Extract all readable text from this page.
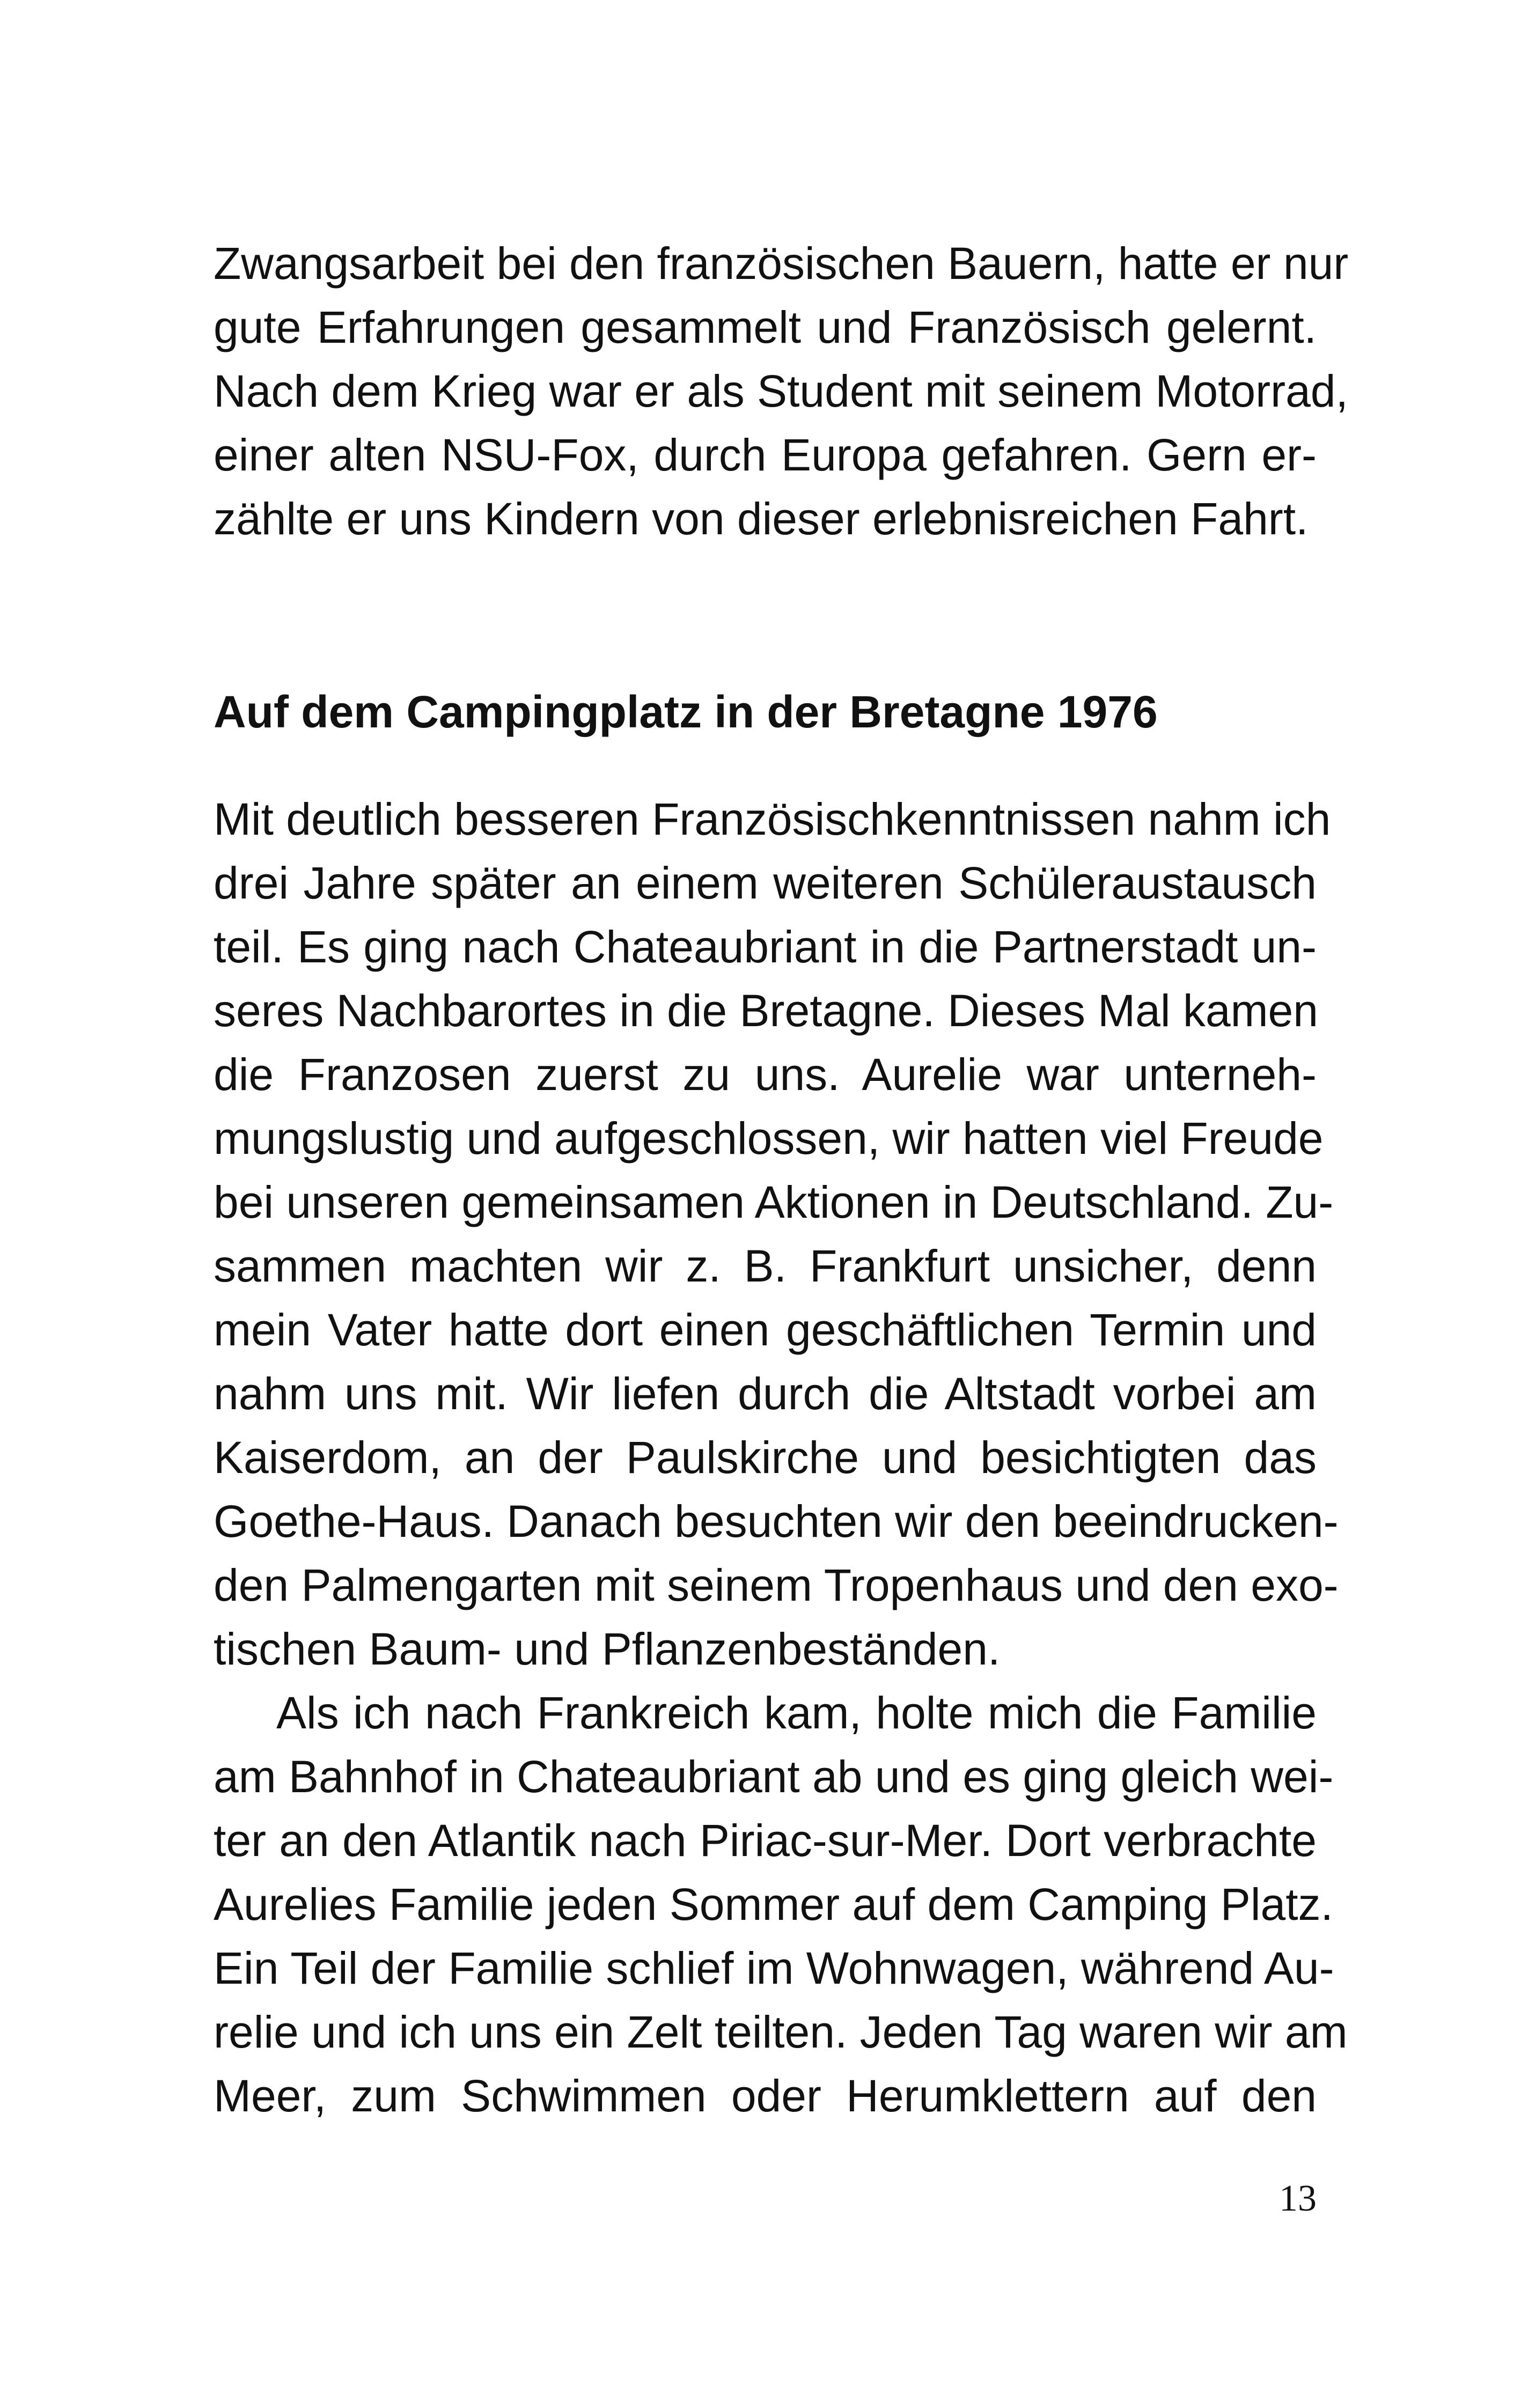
Zwangsarbeit bei den französischen Bauern, hatte er nur
gute Erfahrungen gesammelt und Französisch gelernt.
Nach dem Krieg war er als Student mit seinem Motorrad,
einer alten NSU-Fox, durch Europa gefahren. Gern er-
zählte er uns Kindern von dieser erlebnisreichen Fahrt.
Auf dem Campingplatz in der Bretagne 1976
Mit deutlich besseren Französischkenntnissen nahm ich
drei Jahre später an einem weiteren Schüleraustausch
teil. Es ging nach Chateaubriant in die Partnerstadt un-
seres Nachbarortes in die Bretagne. Dieses Mal kamen
die Franzosen zuerst zu uns. Aurelie war unterneh-
mungslustig und aufgeschlossen, wir hatten viel Freude
bei unseren gemeinsamen Aktionen in Deutschland. Zu-
sammen machten wir z. B. Frankfurt unsicher, denn
mein Vater hatte dort einen geschäftlichen Termin und
nahm uns mit. Wir liefen durch die Altstadt vorbei am
Kaiserdom, an der Paulskirche und besichtigten das
Goethe-Haus. Danach besuchten wir den beeindrucken-
den Palmengarten mit seinem Tropenhaus und den exo-
tischen Baum- und Pflanzenbeständen.
Als ich nach Frankreich kam, holte mich die Familie
am Bahnhof in Chateaubriant ab und es ging gleich wei-
ter an den Atlantik nach Piriac-sur-Mer. Dort verbrachte
Aurelies Familie jeden Sommer auf dem Camping Platz.
Ein Teil der Familie schlief im Wohnwagen, während Au-
relie und ich uns ein Zelt teilten. Jeden Tag waren wir am
Meer, zum Schwimmen oder Herumklettern auf den
13
